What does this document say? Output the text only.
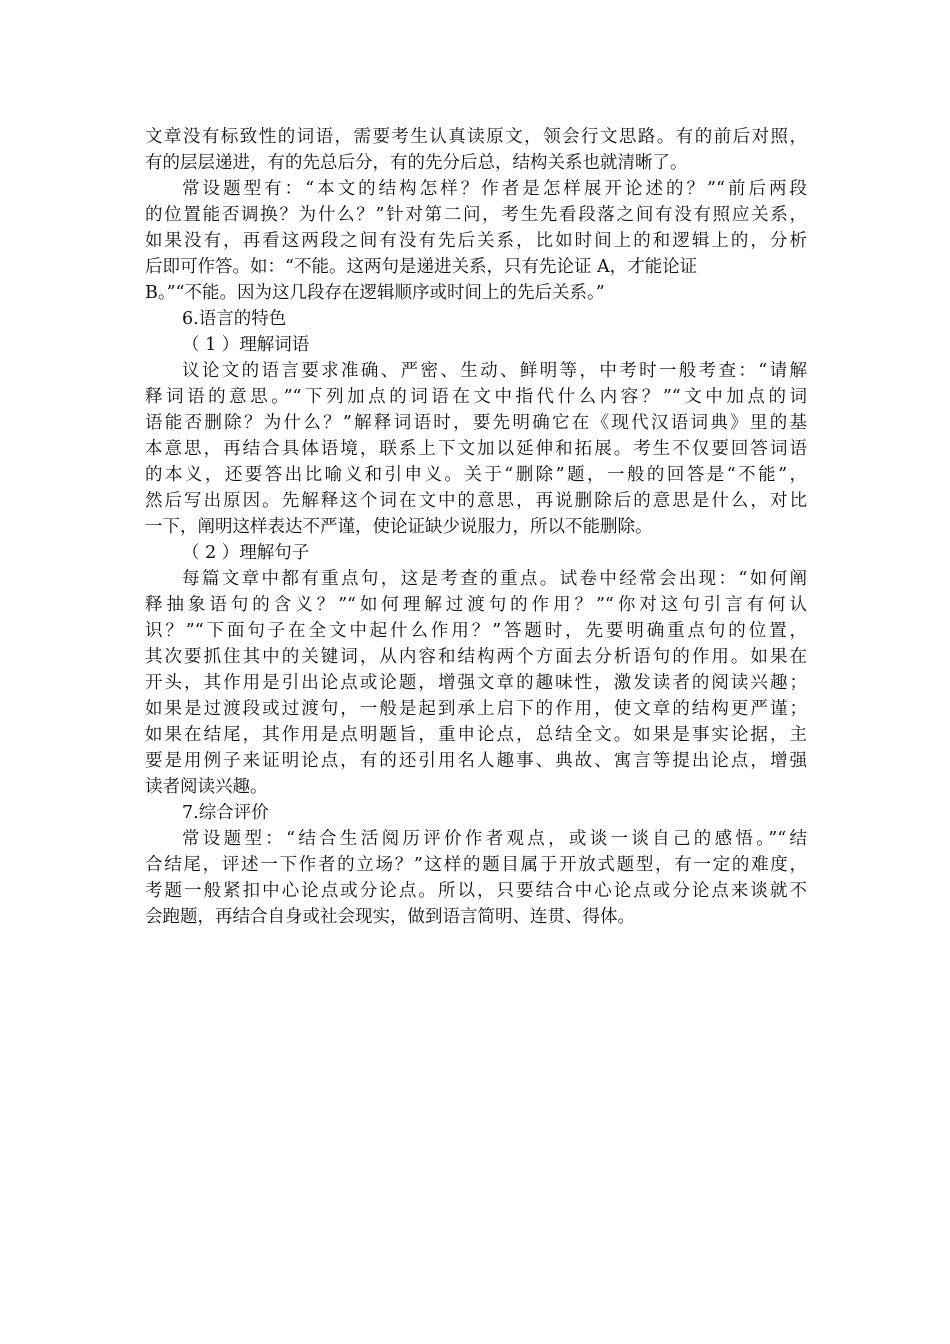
文章没有标致性的词语，需要考生认真读原文，领会行文思路。有的前后对照，
有的层层递进，有的先总后分，有的先分后总，结构关系也就清晰了。
常设题型有：“本文的结构怎样？作者是怎样展开论述的？”“前后两段
的位置能否调换？为什么？”针对第二问，考生先看段落之间有没有照应关系，
如果没有，再看这两段之间有没有先后关系，比如时间上的和逻辑上的，分析
后即可作答。如：“不能。这两句是递进关系，只有先论证 A，才能论证
B。”“不能。因为这几段存在逻辑顺序或时间上的先后关系。”
6.语言的特色
（ 1 ）理解词语
议论文的语言要求准确、严密、生动、鲜明等，中考时一般考查：“请解
释词语的意思。”“下列加点的词语在文中指代什么内容？”“文中加点的词
语能否删除？为什么？”解释词语时，要先明确它在《现代汉语词典》里的基
本意思，再结合具体语境，联系上下文加以延伸和拓展。考生不仅要回答词语
的本义，还要答出比喻义和引申义。关于“删除”题，一般的回答是“不能”，
然后写出原因。先解释这个词在文中的意思，再说删除后的意思是什么，对比
一下，阐明这样表达不严谨，使论证缺少说服力，所以不能删除。
（ 2 ）理解句子
每篇文章中都有重点句，这是考查的重点。试卷中经常会出现：“如何阐
释抽象语句的含义？”“如何理解过渡句的作用？”“你对这句引言有何认
识？”“下面句子在全文中起什么作用？”答题时，先要明确重点句的位置，
其次要抓住其中的关键词，从内容和结构两个方面去分析语句的作用。如果在
开头，其作用是引出论点或论题，增强文章的趣味性，激发读者的阅读兴趣；
如果是过渡段或过渡句，一般是起到承上启下的作用，使文章的结构更严谨；
如果在结尾，其作用是点明题旨，重申论点，总结全文。如果是事实论据，主
要是用例子来证明论点，有的还引用名人趣事、典故、寓言等提出论点，增强
读者阅读兴趣。
7.综合评价
常设题型：“结合生活阅历评价作者观点，或谈一谈自己的感悟。”“结
合结尾，评述一下作者的立场？”这样的题目属于开放式题型，有一定的难度，
考题一般紧扣中心论点或分论点。所以，只要结合中心论点或分论点来谈就不
会跑题，再结合自身或社会现实，做到语言简明、连贯、得体。
